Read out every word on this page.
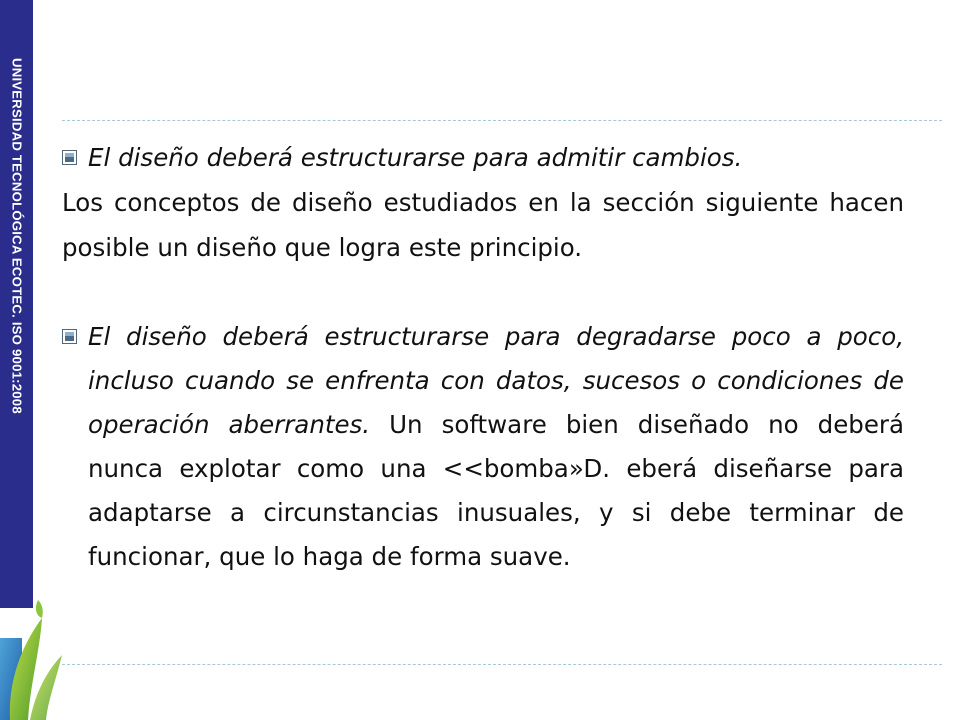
UNIVERSIDAD TECNOLÓGICA ECOTEC. ISO 9001:2008	El diseño deberá estructurarse para admitir cambios.
Los conceptos de diseño estudiados en la sección siguiente hacen posible un diseño que logra este principio.
El diseño deberá estructurarse para degradarse poco a poco, incluso cuando se enfrenta con datos, sucesos o condiciones de operación aberrantes. Un software bien diseñado no deberá nunca explotar como una <<bomba»D. eberá diseñarse para adaptarse a circunstancias inusuales, y si debe terminar de funcionar, que lo haga de forma suave.
